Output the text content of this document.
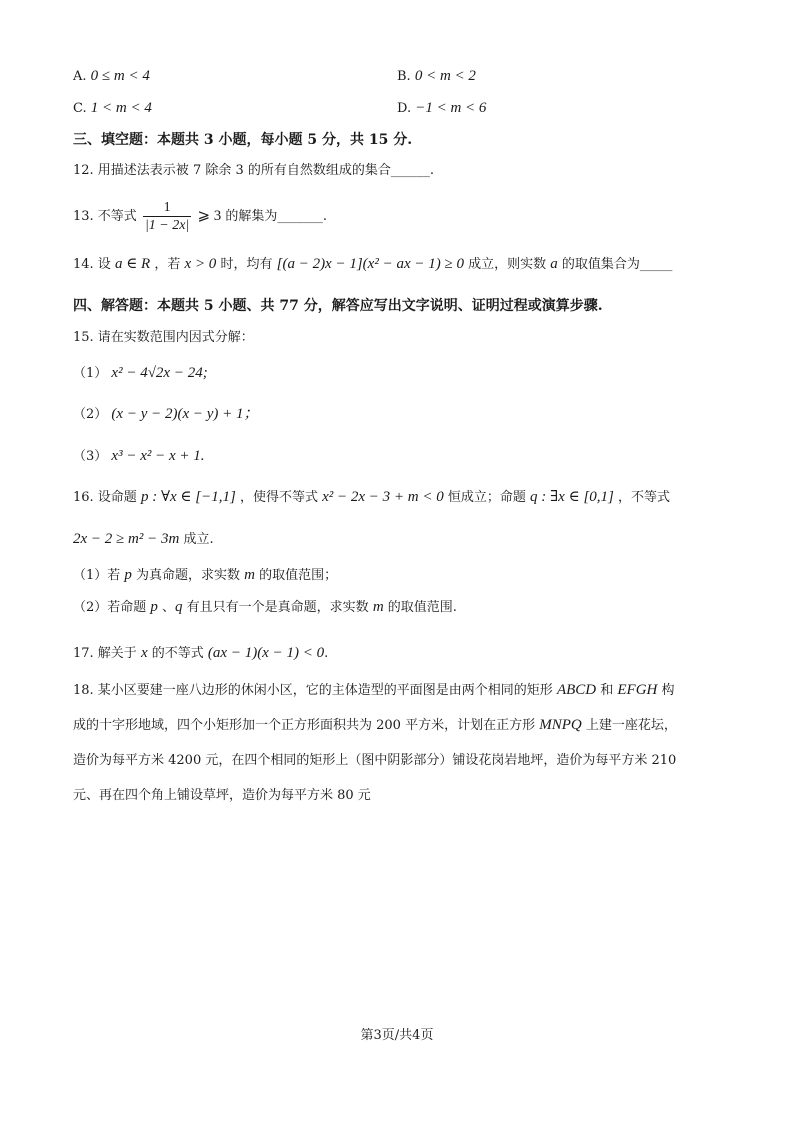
A. 0 ≤ m < 4	B. 0 < m < 2
C. 1 < m < 4	D. −1 < m < 6
三、填空题：本题共 3 小题，每小题 5 分，共 15 分.
12. 用描述法表示被 7 除余 3 的所有自然数组成的集合______.
13. 不等式 $\frac{1}{|1 - 2x|}$ ⩾ 3 的解集为_______.
14. 设 a ∈ R ，若 x > 0 时，均有 [(a − 2)x − 1](x² − ax − 1) ≥ 0 成立，则实数 a 的取值集合为_____
四、解答题：本题共 5 小题、共 77 分，解答应写出文字说明、证明过程或演算步骤.
15. 请在实数范围内因式分解：
（1） x² − 4√2x − 24;
（2） (x − y − 2)(x − y) + 1；
（3） x³ − x² − x + 1.
16. 设命题 p : ∀x ∈ [−1,1] ，使得不等式 x² − 2x − 3 + m < 0 恒成立；命题 q : ∃x ∈ [0,1] ，不等式
2x − 2 ≥ m² − 3m 成立.
（1）若 p 为真命题，求实数 m 的取值范围；
（2）若命题 p 、q 有且只有一个是真命题，求实数 m 的取值范围.
17. 解关于 x 的不等式 (ax − 1)(x − 1) < 0.
18. 某小区要建一座八边形的休闲小区，它的主体造型的平面图是由两个相同的矩形 ABCD 和 EFGH 构
成的十字形地域，四个小矩形加一个正方形面积共为 200 平方米，计划在正方形 MNPQ 上建一座花坛，
造价为每平方米 4200 元，在四个相同的矩形上（图中阴影部分）铺设花岗岩地坪，造价为每平方米 210
元、再在四个角上铺设草坪，造价为每平方米 80 元
第3页/共4页
